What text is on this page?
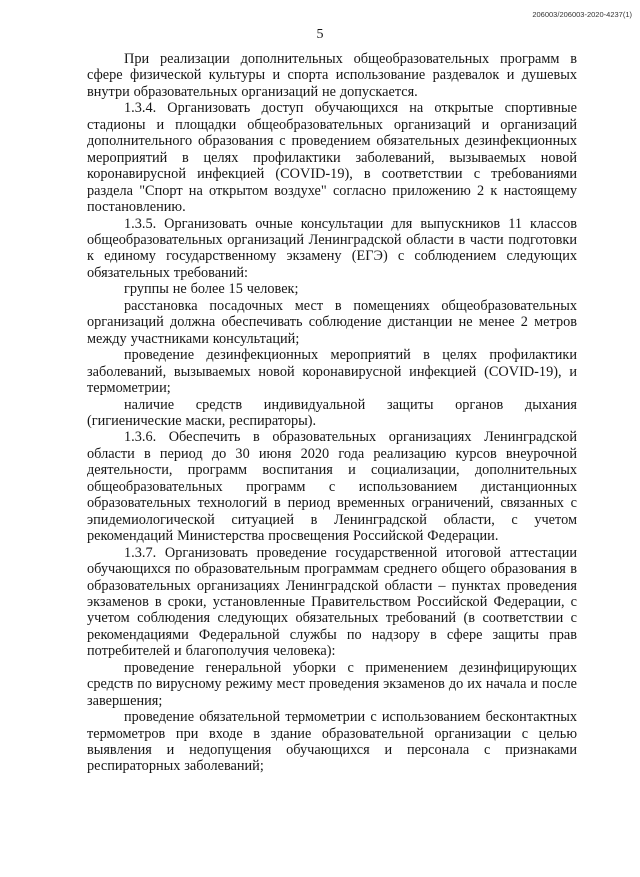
206003/206003-2020-4237(1)
5

При реализации дополнительных общеобразовательных программ в сфере физической культуры и спорта использование раздевалок и душевых внутри образовательных организаций не допускается.

1.3.4. Организовать доступ обучающихся на открытые спортивные стадионы и площадки общеобразовательных организаций и организаций дополнительного образования с проведением обязательных дезинфекционных мероприятий в целях профилактики заболеваний, вызываемых новой коронавирусной инфекцией (COVID-19), в соответствии с требованиями раздела "Спорт на открытом воздухе" согласно приложению 2 к настоящему постановлению.

1.3.5. Организовать очные консультации для выпускников 11 классов общеобразовательных организаций Ленинградской области в части подготовки к единому государственному экзамену (ЕГЭ) с соблюдением следующих обязательных требований:

группы не более 15 человек;

расстановка посадочных мест в помещениях общеобразовательных организаций должна обеспечивать соблюдение дистанции не менее 2 метров между участниками консультаций;

проведение дезинфекционных мероприятий в целях профилактики заболеваний, вызываемых новой коронавирусной инфекцией (COVID-19), и термометрии;

наличие средств индивидуальной защиты органов дыхания (гигиенические маски, респираторы).

1.3.6. Обеспечить в образовательных организациях Ленинградской области в период до 30 июня 2020 года реализацию курсов внеурочной деятельности, программ воспитания и социализации, дополнительных общеобразовательных программ с использованием дистанционных образовательных технологий в период временных ограничений, связанных с эпидемиологической ситуацией в Ленинградской области, с учетом рекомендаций Министерства просвещения Российской Федерации.

1.3.7. Организовать проведение государственной итоговой аттестации обучающихся по образовательным программам среднего общего образования в образовательных организациях Ленинградской области – пунктах проведения экзаменов в сроки, установленные Правительством Российской Федерации, с учетом соблюдения следующих обязательных требований (в соответствии с рекомендациями Федеральной службы по надзору в сфере защиты прав потребителей и благополучия человека):

проведение генеральной уборки с применением дезинфицирующих средств по вирусному режиму мест проведения экзаменов до их начала и после завершения;

проведение обязательной термометрии с использованием бесконтактных термометров при входе в здание образовательной организации с целью выявления и недопущения обучающихся и персонала с признаками респираторных заболеваний;
